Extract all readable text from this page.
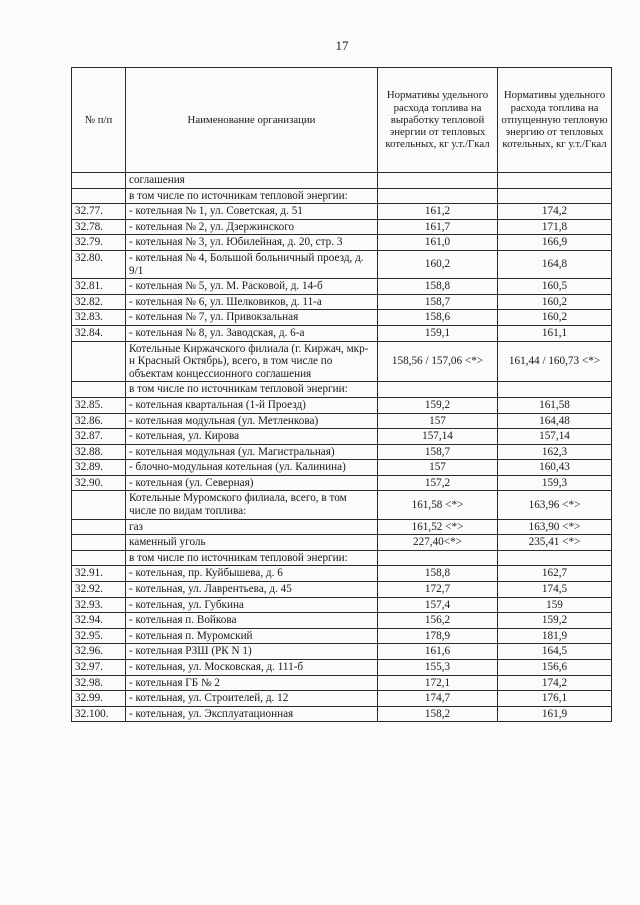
17
№ п/п	Наименование организации	Нормативы удельного расхода топлива на выработку тепловой энергии от тепловых котельных, кг у.т./Гкал	Нормативы удельного расхода топлива на отпущенную тепловую энергию от тепловых котельных, кг у.т./Гкал
	соглашения		
	в том числе по источникам тепловой энергии:		
32.77.	- котельная № 1, ул. Советская, д. 51	161,2	174,2
32.78.	- котельная № 2, ул. Дзержинского	161,7	171,8
32.79.	- котельная № 3, ул. Юбилейная, д. 20, стр. 3	161,0	166,9
32.80.	- котельная № 4, Большой больничный проезд, д. 9/1	160,2	164,8
32.81.	- котельная № 5, ул. М. Расковой, д. 14-б	158,8	160,5
32.82.	- котельная № 6, ул. Шелковиков, д. 11-а	158,7	160,2
32.83.	- котельная № 7, ул. Привокзальная	158,6	160,2
32.84.	- котельная № 8, ул. Заводская, д. 6-а	159,1	161,1
	Котельные Киржачского филиала (г. Киржач, мкр-н Красный Октябрь), всего, в том числе по объектам концессионного соглашения	158,56 / 157,06 <*>	161,44 / 160,73 <*>
	в том числе по источникам тепловой энергии:		
32.85.	- котельная квартальная (1-й Проезд)	159,2	161,58
32.86.	- котельная модульная (ул. Метленкова)	157	164,48
32.87.	- котельная, ул. Кирова	157,14	157,14
32.88.	- котельная модульная (ул. Магистральная)	158,7	162,3
32.89.	- блочно-модульная котельная (ул. Калинина)	157	160,43
32.90.	- котельная (ул. Северная)	157,2	159,3
	Котельные Муромского филиала, всего, в том числе по видам топлива:	161,58 <*>	163,96 <*>
	газ	161,52 <*>	163,90 <*>
	каменный уголь	227,40<*>	235,41 <*>
	в том числе по источникам тепловой энергии:		
32.91.	- котельная, пр. Куйбышева, д. 6	158,8	162,7
32.92.	- котельная, ул. Лаврентьева, д. 45	172,7	174,5
32.93.	- котельная, ул. Губкина	157,4	159
32.94.	- котельная п. Войкова	156,2	159,2
32.95.	- котельная п. Муромский	178,9	181,9
32.96.	- котельная РЗШ (РК N 1)	161,6	164,5
32.97.	- котельная, ул. Московская, д. 111-б	155,3	156,6
32.98.	- котельная ГБ № 2	172,1	174,2
32.99.	- котельная, ул. Строителей, д. 12	174,7	176,1
32.100.	- котельная, ул. Эксплуатационная	158,2	161,9
